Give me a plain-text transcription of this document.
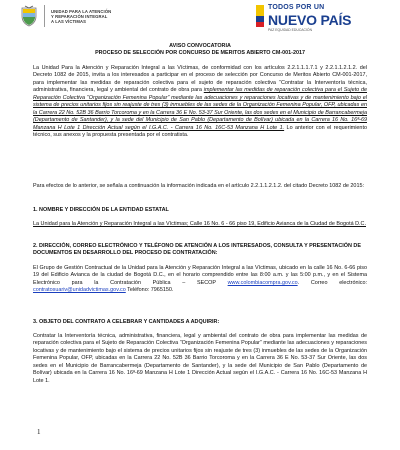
UNIDAD PARA LA ATENCIÓN
Y REPARACIÓN INTEGRAL
A LAS VÍCTIMAS
TODOS POR UN
NUEVO PAÍS
PAZ EQUIDAD EDUCACIÓN
AVISO CONVOCATORIA
PROCESO DE SELECCIÓN POR CONCURSO DE MERITOS ABIERTO CM-001-2017

La Unidad Para la Atención y Reparación Integral a las Víctimas, de conformidad con los artículos 2.2.1.1.1.7.1 y 2.2.1.1.2.1.2. del Decreto 1082 de 2015, invita a los interesados a participar en el proceso de selección por Concurso de Meritos Abierto CM-001-2017, para implementar las medidas de reparación colectiva para el sujeto de reparación colectiva “Contratar la Interventoría técnica, administrativa, financiera, legal y ambiental del contrato de obra para implementar las medidas de reparación colectiva para el Sujeto de Reparación Colectiva “Organización Femenina Popular” mediante las adecuaciones y reparaciones locativas y de mantenimiento bajo el sistema de precios unitarios fijos sin reajuste de tres (3) inmuebles de las sedes de la Organización Femenina Popular, OFP, ubicadas en la Carrera 22 No. 52B 36 Barrio Torcoroma y en la Carrera 36 E No. 53-37 Sur Oriente, las dos sedes en el Municipio de Barrancabermeja (Departamento de Santander), y la sede del Municipio de San Pablo (Departamento de Bolívar) ubicada en la Carrera 16 No. 16ª-69 Manzana H Lote 1 Dirección Actual según el I.G.A.C. - Carrera 16 No. 16C-53 Manzana H Lote 1. Lo anterior con el requerimiento técnico, sus anexos y la propuesta presentada por el contratista.

Para efectos de lo anterior, se señala a continuación la información indicada en el artículo 2.2.1.1.2.1.2. del citado Decreto 1082 de 2015:

1. NOMBRE Y DIRECCIÓN DE LA ENTIDAD ESTATAL

La Unidad para la Atención y Reparación Integral a las Víctimas; Calle 16 No. 6 - 66 piso 19, Edificio Avianca de la Ciudad de Bogotá D.C.

2. DIRECCIÓN, CORREO ELECTRÓNICO Y TELÉFONO DE ATENCIÓN A LOS INTERESADOS, CONSULTA Y PRESENTACIÓN DE DOCUMENTOS EN DESARROLLO DEL PROCESO DE CONTRATACIÓN:

El Grupo de Gestión Contractual de la Unidad para la Atención y Reparación Integral a las Víctimas, ubicado en la calle 16 No. 6-66 piso 19 del Edificio Avianca de la ciudad de Bogotá D.C., en el horario comprendido entre las 8:00 a.m. y las 5:00 p.m., y en el Sistema Electrónico para la Contratación Pública – SECOP www.colombiacompra.gov.co. Correo electrónico: contratosuariv@unidadvictimas.gov.co Teléfono: 7965150.

3. OBJETO DEL CONTRATO A CELEBRAR Y CANTIDADES A ADQUIRIR:

Contratar la Interventoría técnica, administrativa, financiera, legal y ambiental del contrato de obra para implementar las medidas de reparación colectiva para el Sujeto de Reparación Colectiva “Organización Femenina Popular” mediante las adecuaciones y reparaciones locativas y de mantenimiento bajo el sistema de precios unitarios fijos sin reajuste de tres (3) inmuebles de las sedes de la Organización Femenina Popular, OFP, ubicadas en la Carrera 22 No. 52B 36 Barrio Torcoroma y en la Carrera 36 E No. 53-37 Sur Oriente, las dos sedes en el Municipio de Barrancabermeja (Departamento de Santander), y la sede del Municipio de San Pablo (Departamento de Bolívar) ubicada en la Carrera 16 No. 16ª-69 Manzana H Lote 1 Dirección Actual según el I.G.A.C. - Carrera 16 No. 16C-53 Manzana H Lote 1.

1
